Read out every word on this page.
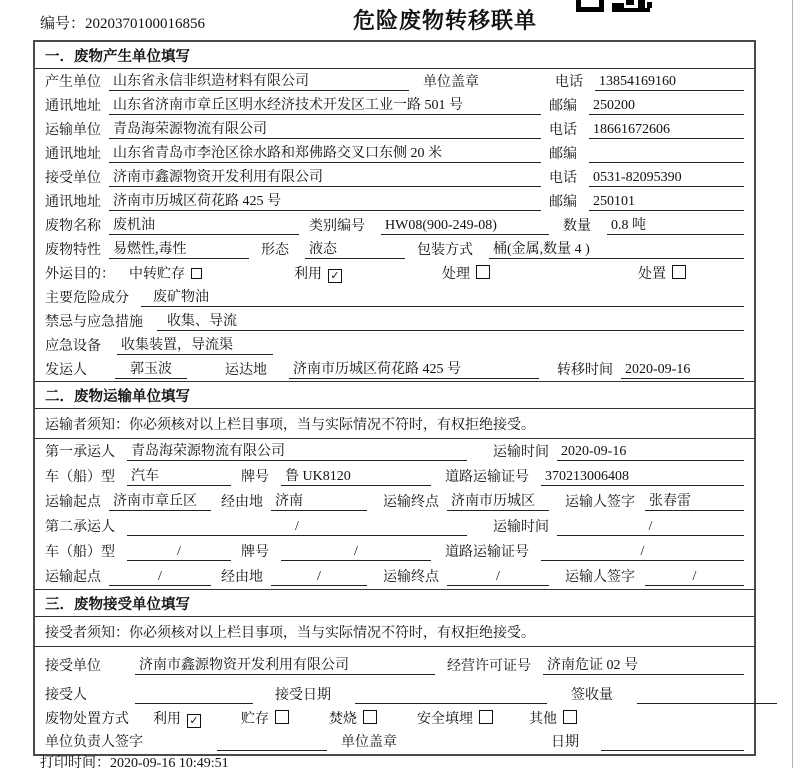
编号：2020370100016856	危险废物转移联单
一．废物产生单位填写
产生单位 山东省永信非织造材料有限公司	单位盖章	电话	13854169160
通讯地址 山东省济南市章丘区明水经济技术开发区工业一路 501 号	邮编	250200
运输单位 青岛海荣源物流有限公司	电话	18661672606
通讯地址 山东省青岛市李沧区徐水路和郑佛路交叉口东侧 20 米	邮编
接受单位 济南市鑫源物资开发利用有限公司	电话	0531-82095390
通讯地址 济南市历城区荷花路 425 号	邮编	250101
废物名称 废机油	类别编号	HW08(900-249-08)	数量	0.8 吨
废物特性 易燃性,毒性	形态	液态	包装方式	桶(金属,数量 4 )
外运目的： 中转贮存	利用 ✓	处理	处置
主要危险成分	废矿物油
禁忌与应急措施	收集、导流
应急设备	收集装置，导流渠
发运人	郭玉波	运达地	济南市历城区荷花路 425 号	转移时间 2020-09-16
二．废物运输单位填写
运输者须知：你必须核对以上栏目事项，当与实际情况不符时，有权拒绝接受。
第一承运人	青岛海荣源物流有限公司	运输时间 2020-09-16
车（船）型	汽车	牌号	鲁 UK8120	道路运输证号	370213006408
运输起点 济南市章丘区	经由地 济南	运输终点 济南市历城区	运输人签字	张春雷
第二承运人	/	运输时间	/
车（船）型	/	牌号	/	道路运输证号	/
运输起点	/	经由地	/	运输终点	/	运输人签字	/
三．废物接受单位填写
接受者须知：你必须核对以上栏目事项，当与实际情况不符时，有权拒绝接受。
接受单位	济南市鑫源物资开发利用有限公司	经营许可证号	济南危证 02 号
接受人	接受日期	签收量
废物处置方式 利用 ✓	贮存	焚烧	安全填埋	其他
单位负责人签字	单位盖章	日期
打印时间：2020-09-16 10:49:51
